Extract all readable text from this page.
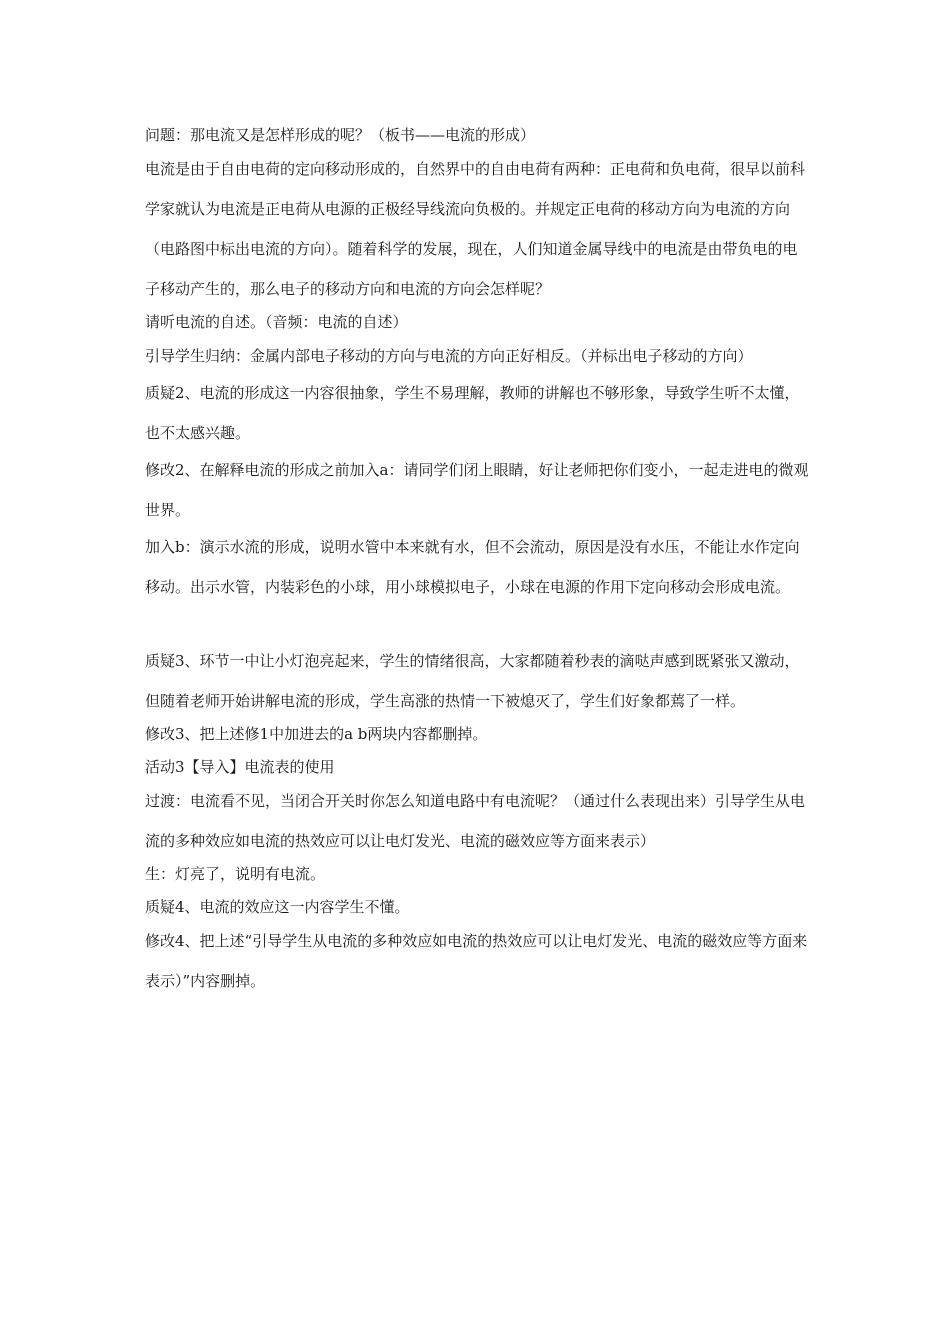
问题：那电流又是怎样形成的呢？（板书——电流的形成）

电流是由于自由电荷的定向移动形成的，自然界中的自由电荷有两种：正电荷和负电荷，很早以前科学家就认为电流是正电荷从电源的正极经导线流向负极的。并规定正电荷的移动方向为电流的方向（电路图中标出电流的方向）。随着科学的发展，现在，人们知道金属导线中的电流是由带负电的电子移动产生的，那么电子的移动方向和电流的方向会怎样呢？

请听电流的自述。（音频：电流的自述）

引导学生归纳：金属内部电子移动的方向与电流的方向正好相反。（并标出电子移动的方向）

质疑2、电流的形成这一内容很抽象，学生不易理解，教师的讲解也不够形象，导致学生听不太懂，也不太感兴趣。

修改2、在解释电流的形成之前加入a：请同学们闭上眼睛，好让老师把你们变小，一起走进电的微观世界。

加入b：演示水流的形成，说明水管中本来就有水，但不会流动，原因是没有水压，不能让水作定向移动。出示水管，内装彩色的小球，用小球模拟电子，小球在电源的作用下定向移动会形成电流。

质疑3、环节一中让小灯泡亮起来，学生的情绪很高，大家都随着秒表的滴哒声感到既紧张又激动，但随着老师开始讲解电流的形成，学生高涨的热情一下被熄灭了，学生们好象都蔫了一样。

修改3、把上述修1中加进去的a b两块内容都删掉。

活动3【导入】电流表的使用

过渡：电流看不见，当闭合开关时你怎么知道电路中有电流呢？（通过什么表现出来）引导学生从电流的多种效应如电流的热效应可以让电灯发光、电流的磁效应等方面来表示）

生：灯亮了，说明有电流。

质疑4、电流的效应这一内容学生不懂。

修改4、把上述“引导学生从电流的多种效应如电流的热效应可以让电灯发光、电流的磁效应等方面来表示）”内容删掉。
